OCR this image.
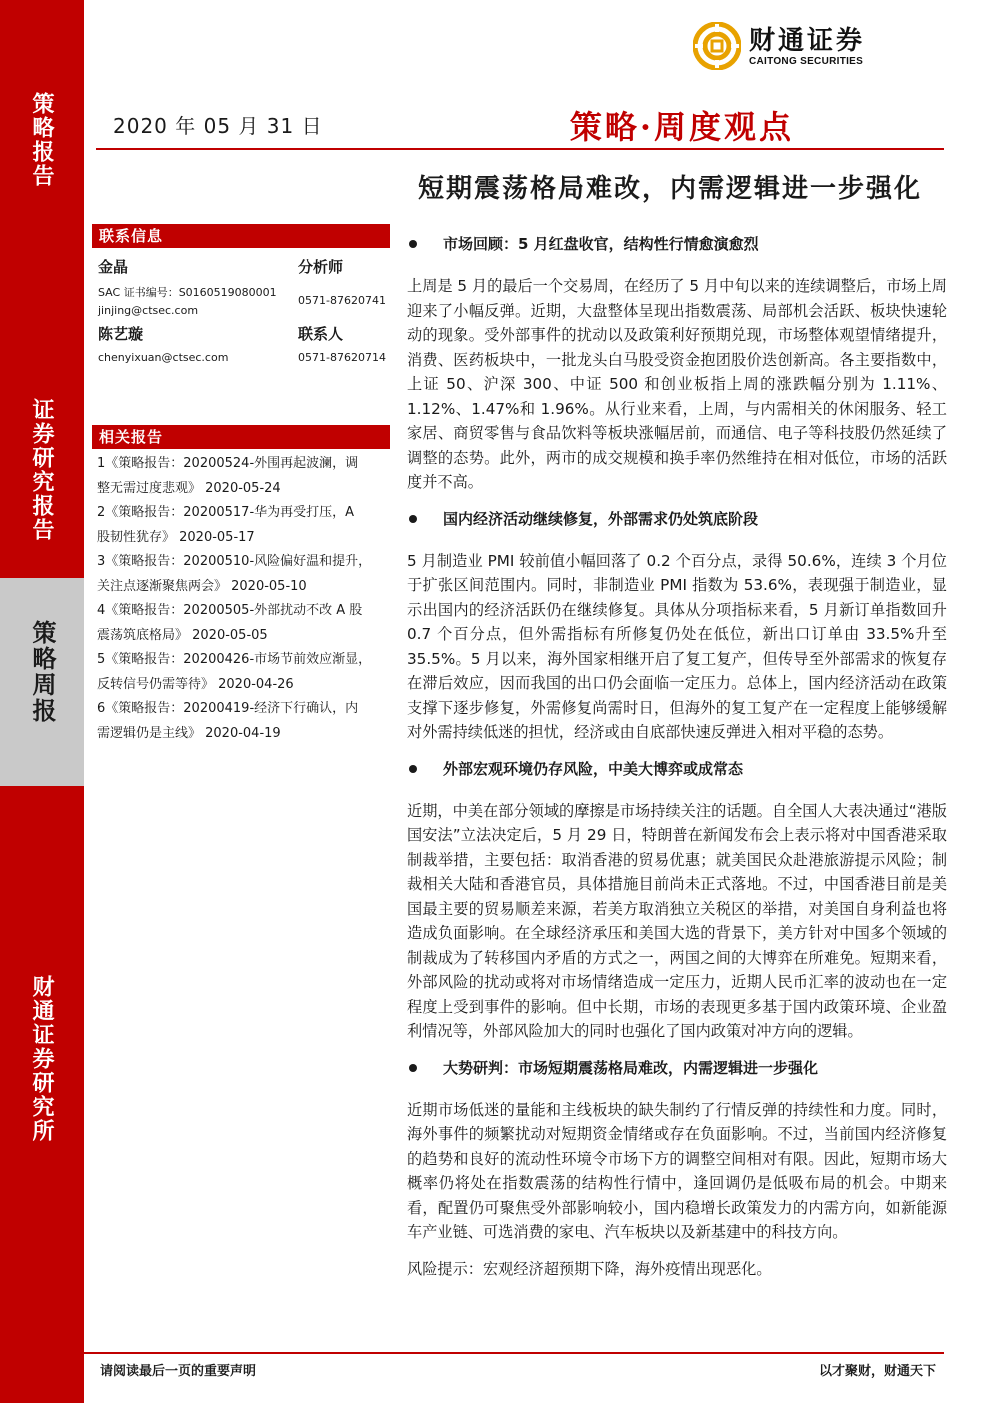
策略报告
证券研究报告
策略周报
财通证券研究所
财通证券
CAITONG SECURITIES
2020 年 05 月 31 日	策略·周度观点
短期震荡格局难改，内需逻辑进一步强化
联系信息
金晶	分析师
SAC 证书编号：S0160519080001
0571-87620741
jinjing@ctsec.com
陈艺璇	联系人
chenyixuan@ctsec.com	0571-87620714
相关报告
1《策略报告：20200524-外围再起波澜，调
整无需过度悲观》 2020-05-24
2《策略报告：20200517-华为再受打压，A
股韧性犹存》 2020-05-17
3《策略报告：20200510-风险偏好温和提升，
关注点逐渐聚焦两会》 2020-05-10
4《策略报告：20200505-外部扰动不改 A 股
震荡筑底格局》 2020-05-05
5《策略报告：20200426-市场节前效应渐显，
反转信号仍需等待》 2020-04-26
6《策略报告：20200419-经济下行确认，内
需逻辑仍是主线》 2020-04-19
市场回顾：5 月红盘收官，结构性行情愈演愈烈

上周是 5 月的最后一个交易周，在经历了 5 月中旬以来的连续调整后，市场上周迎来了小幅反弹。近期，大盘整体呈现出指数震荡、局部机会活跃、板块快速轮动的现象。受外部事件的扰动以及政策利好预期兑现，市场整体观望情绪提升，消费、医药板块中，一批龙头白马股受资金抱团股价迭创新高。各主要指数中，上证 50、沪深 300、中证 500 和创业板指上周的涨跌幅分别为 1.11%、1.12%、1.47%和 1.96%。从行业来看，上周，与内需相关的休闲服务、轻工家居、商贸零售与食品饮料等板块涨幅居前，而通信、电子等科技股仍然延续了调整的态势。此外，两市的成交规模和换手率仍然维持在相对低位，市场的活跃度并不高。

国内经济活动继续修复，外部需求仍处筑底阶段

5 月制造业 PMI 较前值小幅回落了 0.2 个百分点，录得 50.6%，连续 3 个月位于扩张区间范围内。同时，非制造业 PMI 指数为 53.6%，表现强于制造业，显示出国内的经济活跃仍在继续修复。具体从分项指标来看，5 月新订单指数回升 0.7 个百分点，但外需指标有所修复仍处在低位，新出口订单由 33.5%升至 35.5%。5 月以来，海外国家相继开启了复工复产，但传导至外部需求的恢复存在滞后效应，因而我国的出口仍会面临一定压力。总体上，国内经济活动在政策支撑下逐步修复，外需修复尚需时日，但海外的复工复产在一定程度上能够缓解对外需持续低迷的担忧，经济或由自底部快速反弹进入相对平稳的态势。

外部宏观环境仍存风险，中美大博弈或成常态

近期，中美在部分领域的摩擦是市场持续关注的话题。自全国人大表决通过“港版国安法”立法决定后，5 月 29 日，特朗普在新闻发布会上表示将对中国香港采取制裁举措，主要包括：取消香港的贸易优惠；就美国民众赴港旅游提示风险；制裁相关大陆和香港官员，具体措施目前尚未正式落地。不过，中国香港目前是美国最主要的贸易顺差来源，若美方取消独立关税区的举措，对美国自身利益也将造成负面影响。在全球经济承压和美国大选的背景下，美方针对中国多个领域的制裁成为了转移国内矛盾的方式之一，两国之间的大博弈在所难免。短期来看，外部风险的扰动或将对市场情绪造成一定压力，近期人民币汇率的波动也在一定程度上受到事件的影响。但中长期，市场的表现更多基于国内政策环境、企业盈利情况等，外部风险加大的同时也强化了国内政策对冲方向的逻辑。

大势研判：市场短期震荡格局难改，内需逻辑进一步强化

近期市场低迷的量能和主线板块的缺失制约了行情反弹的持续性和力度。同时，海外事件的频繁扰动对短期资金情绪或存在负面影响。不过，当前国内经济修复的趋势和良好的流动性环境令市场下方的调整空间相对有限。因此，短期市场大概率仍将处在指数震荡的结构性行情中，逢回调仍是低吸布局的机会。中期来看，配置仍可聚焦受外部影响较小，国内稳增长政策发力的内需方向，如新能源车产业链、可选消费的家电、汽车板块以及新基建中的科技方向。

风险提示：宏观经济超预期下降，海外疫情出现恶化。

请阅读最后一页的重要声明	以才聚财，财通天下
